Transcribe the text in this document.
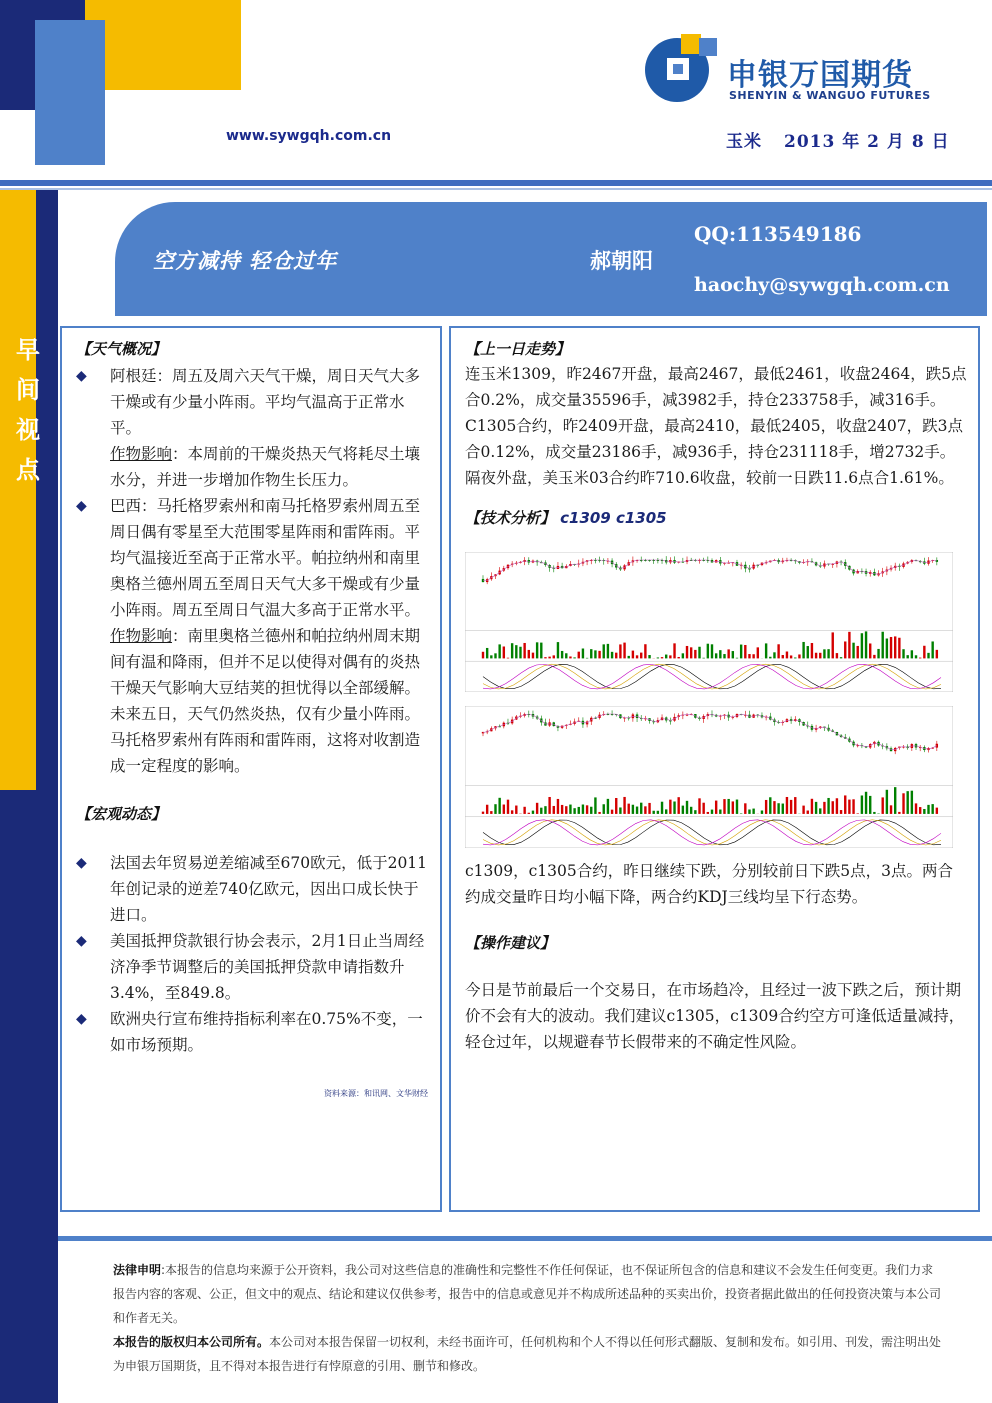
申银万国期货
SHENYIN & WANGUO FUTURES
www.sywgqh.com.cn	玉米 2013 年 2 月 8 日
早
间
视
点
空方减持 轻仓过年	郝朝阳
QQ:113549186
haochy@sywgqh.com.cn
【天气概况】
◆ 阿根廷：周五及周六天气干燥，周日天气大多干燥或有少量小阵雨。平均气温高于正常水平。
作物影响：本周前的干燥炎热天气将耗尽土壤水分，并进一步增加作物生长压力。
◆ 巴西：马托格罗索州和南马托格罗索州周五至周日偶有零星至大范围零星阵雨和雷阵雨。平均气温接近至高于正常水平。帕拉纳州和南里奥格兰德州周五至周日天气大多干燥或有少量小阵雨。周五至周日气温大多高于正常水平。
作物影响：南里奥格兰德州和帕拉纳州周末期间有温和降雨，但并不足以使得对偶有的炎热干燥天气影响大豆结荚的担忧得以全部缓解。未来五日，天气仍然炎热，仅有少量小阵雨。马托格罗索州有阵雨和雷阵雨，这将对收割造成一定程度的影响。
【宏观动态】
◆ 法国去年贸易逆差缩减至670欧元，低于2011年创记录的逆差740亿欧元，因出口成长快于进口。
◆ 美国抵押贷款银行协会表示，2月1日止当周经济净季节调整后的美国抵押贷款申请指数升3.4%，至849.8。
◆ 欧洲央行宣布维持指标利率在0.75%不变，一如市场预期。
资料来源：和讯网、文华财经
【上一日走势】
连玉米1309，昨2467开盘，最高2467，最低2461，收盘2464，跌5点合0.2%，成交量35596手，减3982手，持仓233758手，减316手。C1305合约，昨2409开盘，最高2410，最低2405，收盘2407，跌3点合0.12%，成交量23186手，减936手，持仓231118手，增2732手。隔夜外盘，美玉米03合约昨710.6收盘，较前一日跌11.6点合1.61%。
【技术分析】 c1309 c1305
c1309，c1305合约，昨日继续下跌，分别较前日下跌5点，3点。两合约成交量昨日均小幅下降，两合约KDJ三线均呈下行态势。
【操作建议】
今日是节前最后一个交易日，在市场趋冷，且经过一波下跌之后，预计期价不会有大的波动。我们建议c1305，c1309合约空方可逢低适量减持，轻仓过年，以规避春节长假带来的不确定性风险。
法律申明:本报告的信息均来源于公开资料，我公司对这些信息的准确性和完整性不作任何保证，也不保证所包含的信息和建议不会发生任何变更。我们力求报告内容的客观、公正，但文中的观点、结论和建议仅供参考，报告中的信息或意见并不构成所述品种的买卖出价，投资者据此做出的任何投资决策与本公司和作者无关。
本报告的版权归本公司所有。本公司对本报告保留一切权利，未经书面许可，任何机构和个人不得以任何形式翻版、复制和发布。如引用、刊发，需注明出处为申银万国期货，且不得对本报告进行有悖原意的引用、删节和修改。
